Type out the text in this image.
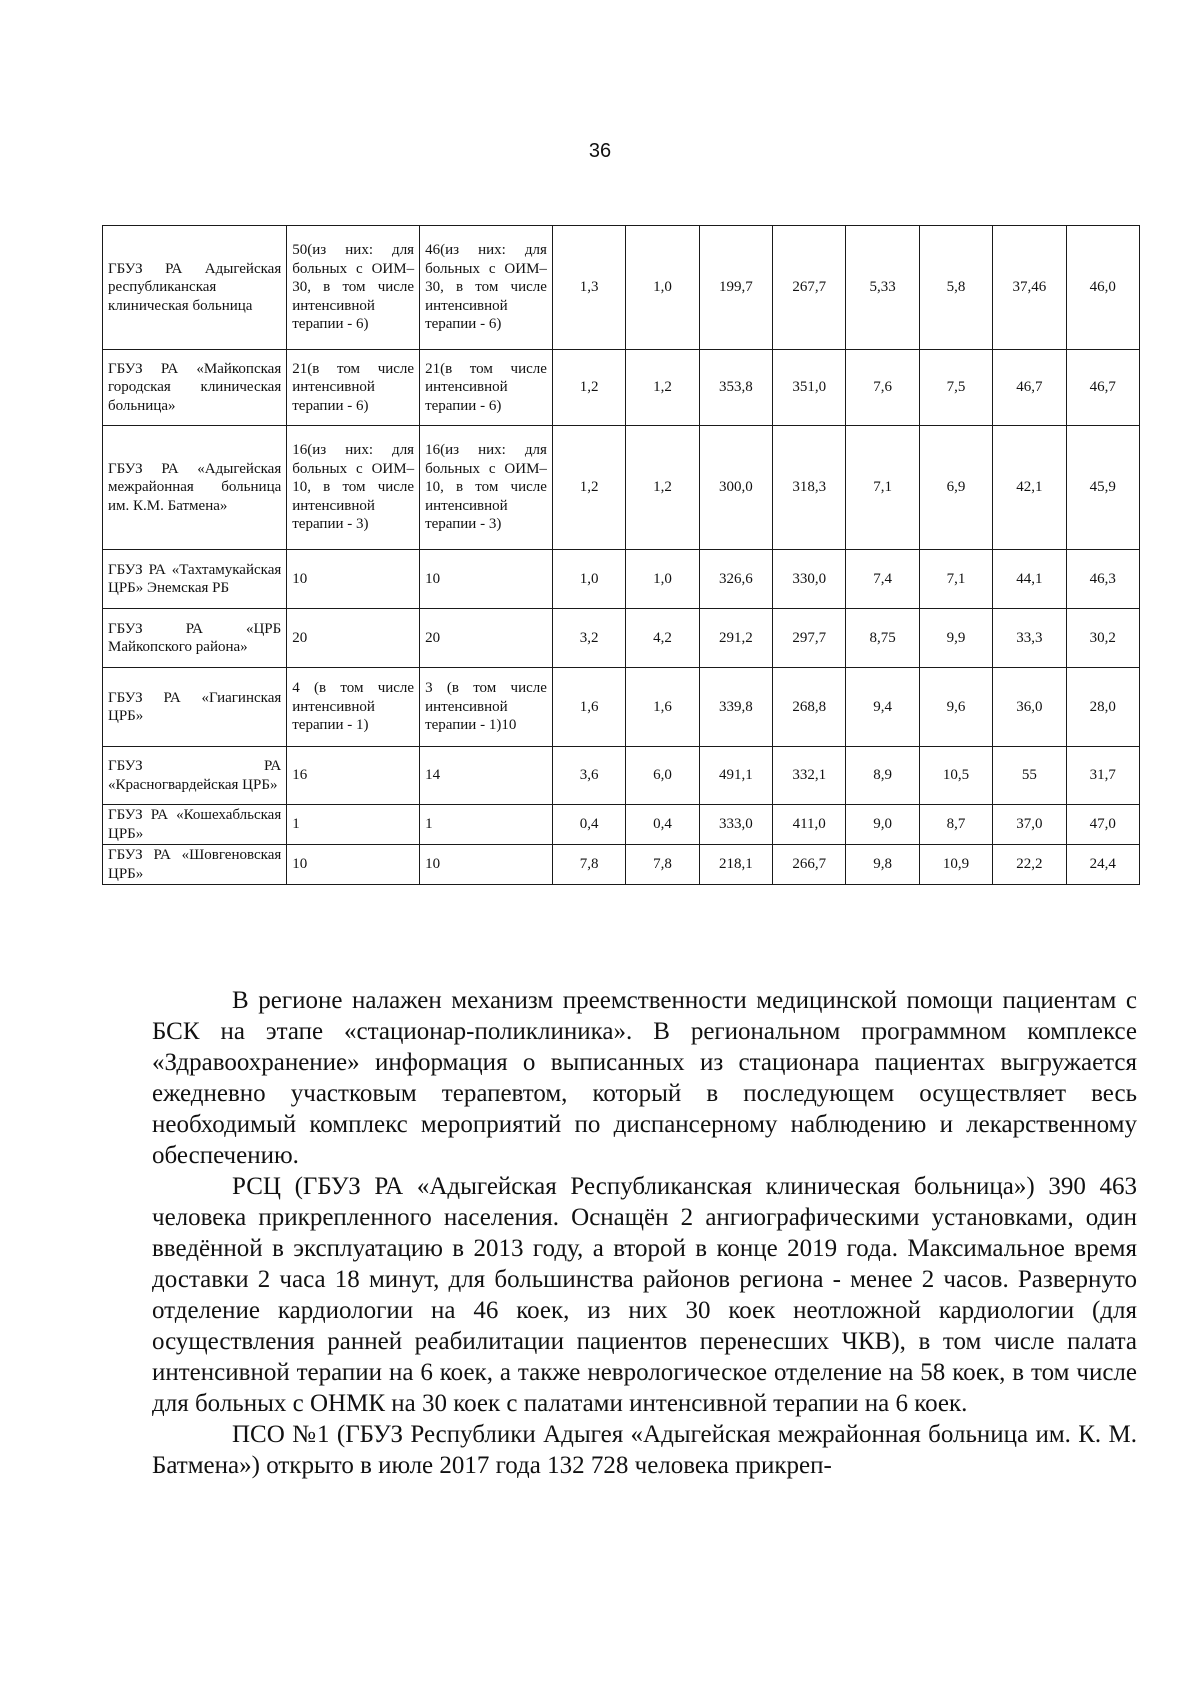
36
ГБУЗ РА Адыгейская республиканская клиническая больница	50(из них: для больных с ОИМ– 30, в том числе интенсивной терапии - 6)	46(из них: для больных с ОИМ– 30, в том числе интенсивной терапии - 6)	1,3	1,0	199,7	267,7	5,33	5,8	37,46	46,0
ГБУЗ РА «Майкопская городская клиническая больница»	21(в том числе интенсивной терапии - 6)	21(в том числе интенсивной терапии - 6)	1,2	1,2	353,8	351,0	7,6	7,5	46,7	46,7
ГБУЗ РА «Адыгейская межрайонная больница им. К.М. Батмена»	16(из них: для больных с ОИМ– 10, в том числе интенсивной терапии - 3)	16(из них: для больных с ОИМ– 10, в том числе интенсивной терапии - 3)	1,2	1,2	300,0	318,3	7,1	6,9	42,1	45,9
ГБУЗ РА «Тахтамукайская ЦРБ» Энемская РБ	10	10	1,0	1,0	326,6	330,0	7,4	7,1	44,1	46,3
ГБУЗ РА «ЦРБ Майкопского района»	20	20	3,2	4,2	291,2	297,7	8,75	9,9	33,3	30,2
ГБУЗ РА «Гиагинская ЦРБ»	4 (в том числе интенсивной терапии - 1)	3 (в том числе интенсивной терапии - 1)10	1,6	1,6	339,8	268,8	9,4	9,6	36,0	28,0
ГБУЗ РА «Красногвардейская ЦРБ»	16	14	3,6	6,0	491,1	332,1	8,9	10,5	55	31,7
ГБУЗ РА «Кошехабльская ЦРБ»	1	1	0,4	0,4	333,0	411,0	9,0	8,7	37,0	47,0
ГБУЗ РА «Шовгеновская ЦРБ»	10	10	7,8	7,8	218,1	266,7	9,8	10,9	22,2	24,4

В регионе налажен механизм преемственности медицинской помощи пациентам с БСК на этапе «стационар-поликлиника». В региональном программном комплексе «Здравоохранение» информация о выписанных из стационара пациентах выгружается ежедневно участковым терапевтом, который в последующем осуществляет весь необходимый комплекс мероприятий по диспансерному наблюдению и лекарственному обеспечению.

РСЦ (ГБУЗ РА «Адыгейская Республиканская клиническая больница») 390 463 человека прикрепленного населения. Оснащён 2 ангиографическими установками, один введённой в эксплуатацию в 2013 году, а второй в конце 2019 года. Максимальное время доставки 2 часа 18 минут, для большинства районов региона - менее 2 часов. Развернуто отделение кардиологии на 46 коек, из них 30 коек неотложной кардиологии (для осуществления ранней реабилитации пациентов перенесших ЧКВ), в том числе палата интенсивной терапии на 6 коек, а также неврологическое отделение на 58 коек, в том числе для больных с ОНМК на 30 коек с палатами интенсивной терапии на 6 коек.

ПСО №1 (ГБУЗ Республики Адыгея «Адыгейская межрайонная больница им. К. М. Батмена») открыто в июле 2017 года 132 728 человека прикреп-
